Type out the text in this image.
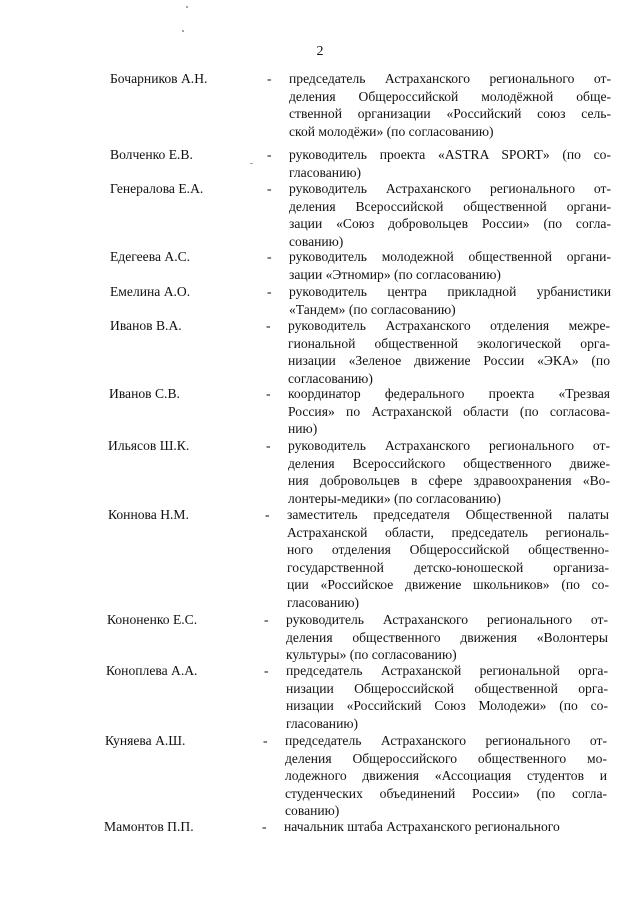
2
Бочарников А.Н.	- председатель Астраханского регионального от-
деления Общероссийской молодёжной обще-
ственной организации «Российский союз сель-
ской молодёжи» (по согласованию)
Волченко Е.В.	- руководитель проекта «ASTRA SPORT» (по со-
гласованию)
Генералова Е.А.	- руководитель Астраханского регионального от-
деления Всероссийской общественной органи-
зации «Союз добровольцев России» (по согла-
сованию)
Едегеева А.С.	- руководитель молодежной общественной органи-
зации «Этномир» (по согласованию)
Емелина А.О.	- руководитель центра прикладной урбанистики
«Тандем» (по согласованию)
Иванов В.А.	- руководитель Астраханского отделения межре-
гиональной общественной экологической орга-
низации «Зеленое движение России «ЭКА» (по
согласованию)
Иванов С.В.	- координатор федерального проекта «Трезвая
Россия» по Астраханской области (по согласова-
нию)
Ильясов Ш.К.	- руководитель Астраханского регионального от-
деления Всероссийского общественного движе-
ния добровольцев в сфере здравоохранения «Во-
лонтеры-медики» (по согласованию)
Коннова Н.М.	- заместитель председателя Общественной палаты
Астраханской области, председатель региональ-
ного отделения Общероссийской общественно-
государственной детско-юношеской организа-
ции «Российское движение школьников» (по со-
гласованию)
Кононенко Е.С.	- руководитель Астраханского регионального от-
деления общественного движения «Волонтеры
культуры» (по согласованию)
Коноплева А.А.	- председатель Астраханской региональной орга-
низации Общероссийской общественной орга-
низации «Российский Союз Молодежи» (по со-
гласованию)
Куняева А.Ш.	- председатель Астраханского регионального от-
деления Общероссийского общественного мо-
лодежного движения «Ассоциация студентов и
студенческих объединений России» (по согла-
сованию)
Мамонтов П.П.	- начальник штаба Астраханского регионального
